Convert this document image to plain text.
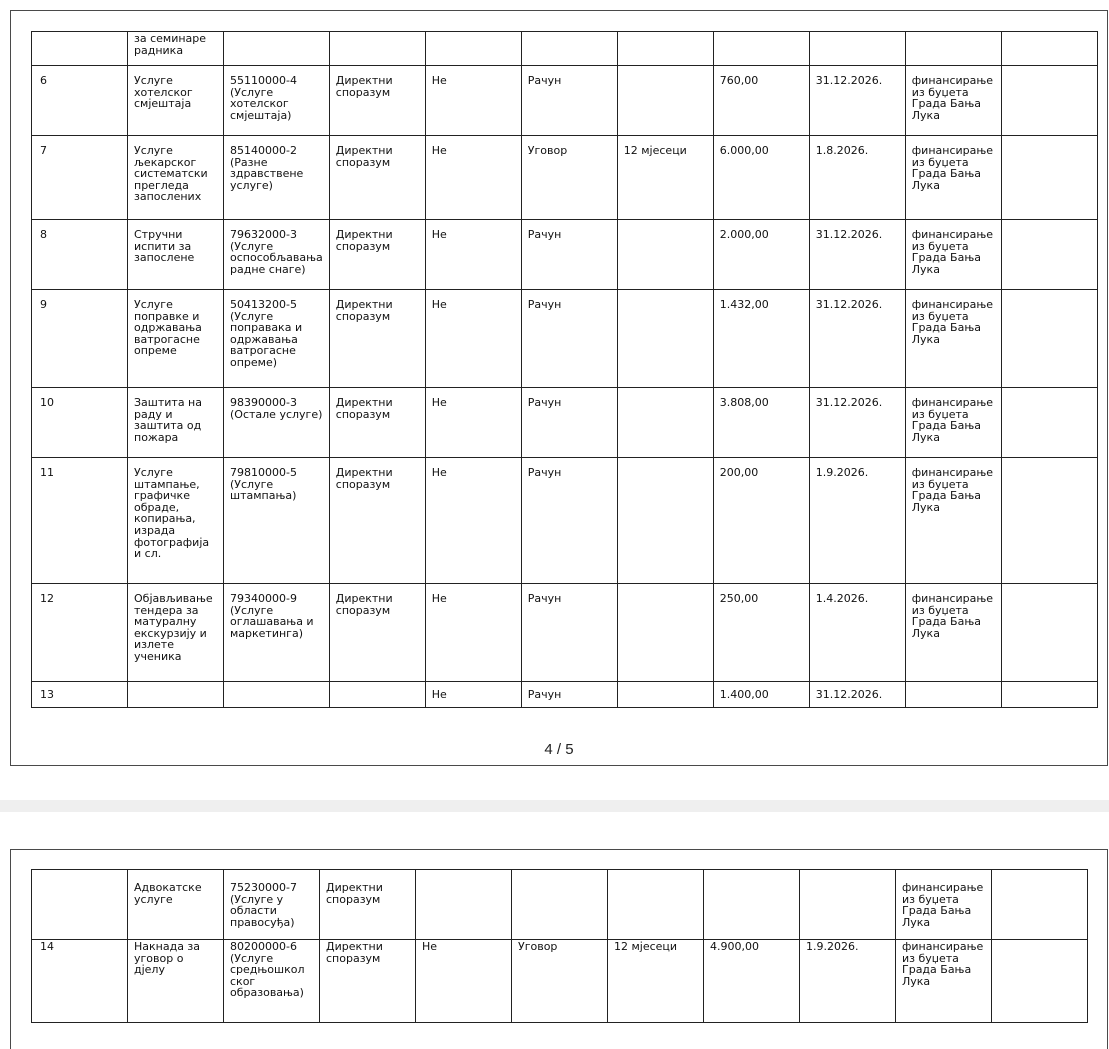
	за семинаре радника									
6	Услуге хотелског смјештаја	55110000-4 (Услуге хотелског смјештаја)	Директни споразум	Не	Рачун		760,00	31.12.2026.	финансирање из буџета Града Бања Лука	
7	Услуге љекарског систематски прегледа запослених	85140000-2 (Разне здравствене услуге)	Директни споразум	Не	Уговор	12 мјесеци	6.000,00	1.8.2026.	финансирање из буџета Града Бања Лука	
8	Стручни испити за запослене	79632000-3 (Услуге оспособљавања радне снаге)	Директни споразум	Не	Рачун		2.000,00	31.12.2026.	финансирање из буџета Града Бања Лука	
9	Услуге поправке и одржавања ватрогасне опреме	50413200-5 (Услуге поправака и одржавања ватрогасне опреме)	Директни споразум	Не	Рачун		1.432,00	31.12.2026.	финансирање из буџета Града Бања Лука	
10	Заштита на раду и заштита од пожара	98390000-3 (Остале услуге)	Директни споразум	Не	Рачун		3.808,00	31.12.2026.	финансирање из буџета Града Бања Лука	
11	Услуге штампање, графичке обраде, копирања, израда фотографија и сл.	79810000-5 (Услуге штампања)	Директни споразум	Не	Рачун		200,00	1.9.2026.	финансирање из буџета Града Бања Лука	
12	Објављивање тендера за матуралну екскурзију и излете ученика	79340000-9 (Услуге оглашавања и маркетинга)	Директни споразум	Не	Рачун		250,00	1.4.2026.	финансирање из буџета Града Бања Лука	
13				Не	Рачун		1.400,00	31.12.2026.		
4 / 5
	Адвокатске услуге	75230000-7 (Услуге у области правосуђа)	Директни споразум						финансирање из буџета Града Бања Лука	
14	Накнада за уговор о дјелу	80200000-6 (Услуге средњошкол ског образовања)	Директни споразум	Не	Уговор	12 мјесеци	4.900,00	1.9.2026.	финансирање из буџета Града Бања Лука	
